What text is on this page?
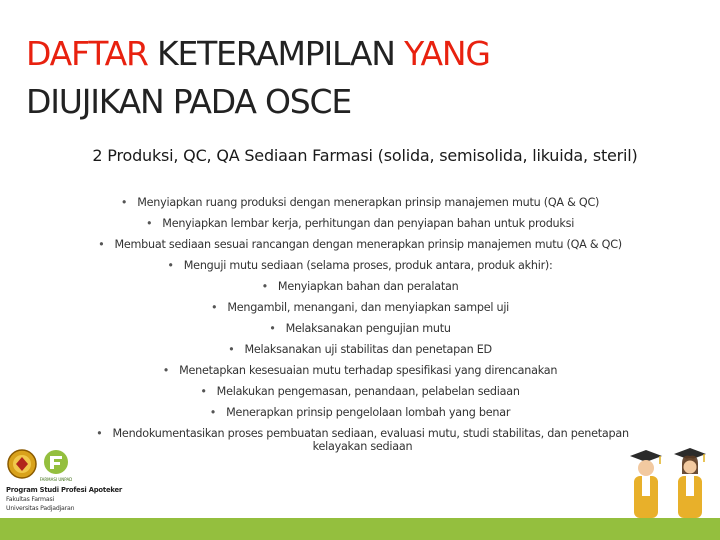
DAFTAR KETERAMPILAN YANG
DIUJIKAN PADA OSCE
2 Produksi, QC, QA Sediaan Farmasi (solida, semisolida, likuida, steril)
• Menyiapkan ruang produksi dengan menerapkan prinsip manajemen mutu (QA & QC)
• Menyiapkan lembar kerja, perhitungan dan penyiapan bahan untuk produksi
• Membuat sediaan sesuai rancangan dengan menerapkan prinsip manajemen mutu (QA & QC)
• Menguji mutu sediaan (selama proses, produk antara, produk akhir):
• Menyiapkan bahan dan peralatan
• Mengambil, menangani, dan menyiapkan sampel uji
• Melaksanakan pengujian mutu
• Melaksanakan uji stabilitas dan penetapan ED
• Menetapkan kesesuaian mutu terhadap spesifikasi yang direncanakan
• Melakukan pengemasan, penandaan, pelabelan sediaan
• Menerapkan prinsip pengelolaan lombah yang benar
• Mendokumentasikan proses pembuatan sediaan, evaluasi mutu, studi stabilitas, dan penetapan kelayakan sediaan
FARMASI UNPAD
Program Studi Profesi Apoteker
Fakultas Farmasi
Universitas Padjadjaran
